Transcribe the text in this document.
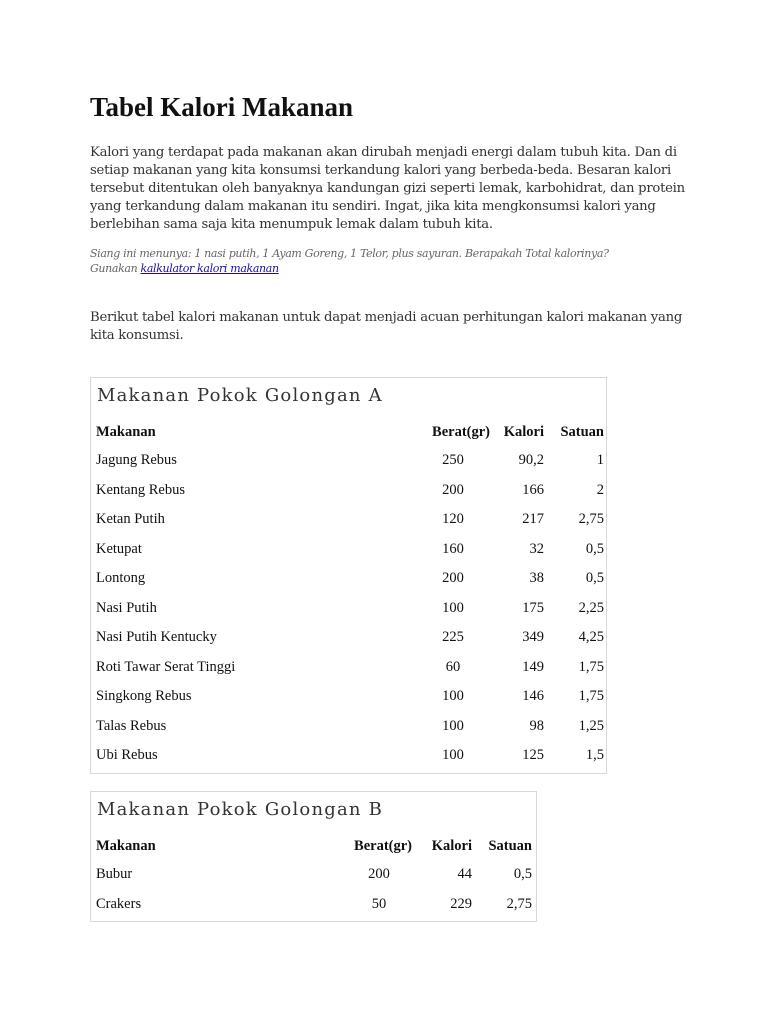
Tabel Kalori Makanan

Kalori yang terdapat pada makanan akan dirubah menjadi energi dalam tubuh kita. Dan di setiap makanan yang kita konsumsi terkandung kalori yang berbeda-beda. Besaran kalori tersebut ditentukan oleh banyaknya kandungan gizi seperti lemak, karbohidrat, dan protein yang terkandung dalam makanan itu sendiri. Ingat, jika kita mengkonsumsi kalori yang berlebihan sama saja kita menumpuk lemak dalam tubuh kita.

Siang ini menunya: 1 nasi putih, 1 Ayam Goreng, 1 Telor, plus sayuran. Berapakah Total kalorinya?
Gunakan kalkulator kalori makanan

Berikut tabel kalori makanan untuk dapat menjadi acuan perhitungan kalori makanan yang kita konsumsi.

Makanan Pokok Golongan A
Makanan	Berat(gr)	Kalori	Satuan
Jagung Rebus	250	90,2	1
Kentang Rebus	200	166	2
Ketan Putih	120	217	2,75
Ketupat	160	32	0,5
Lontong	200	38	0,5
Nasi Putih	100	175	2,25
Nasi Putih Kentucky	225	349	4,25
Roti Tawar Serat Tinggi	60	149	1,75
Singkong Rebus	100	146	1,75
Talas Rebus	100	98	1,25
Ubi Rebus	100	125	1,5
Makanan Pokok Golongan B
Makanan	Berat(gr)	Kalori	Satuan
Bubur	200	44	0,5
Crakers	50	229	2,75
